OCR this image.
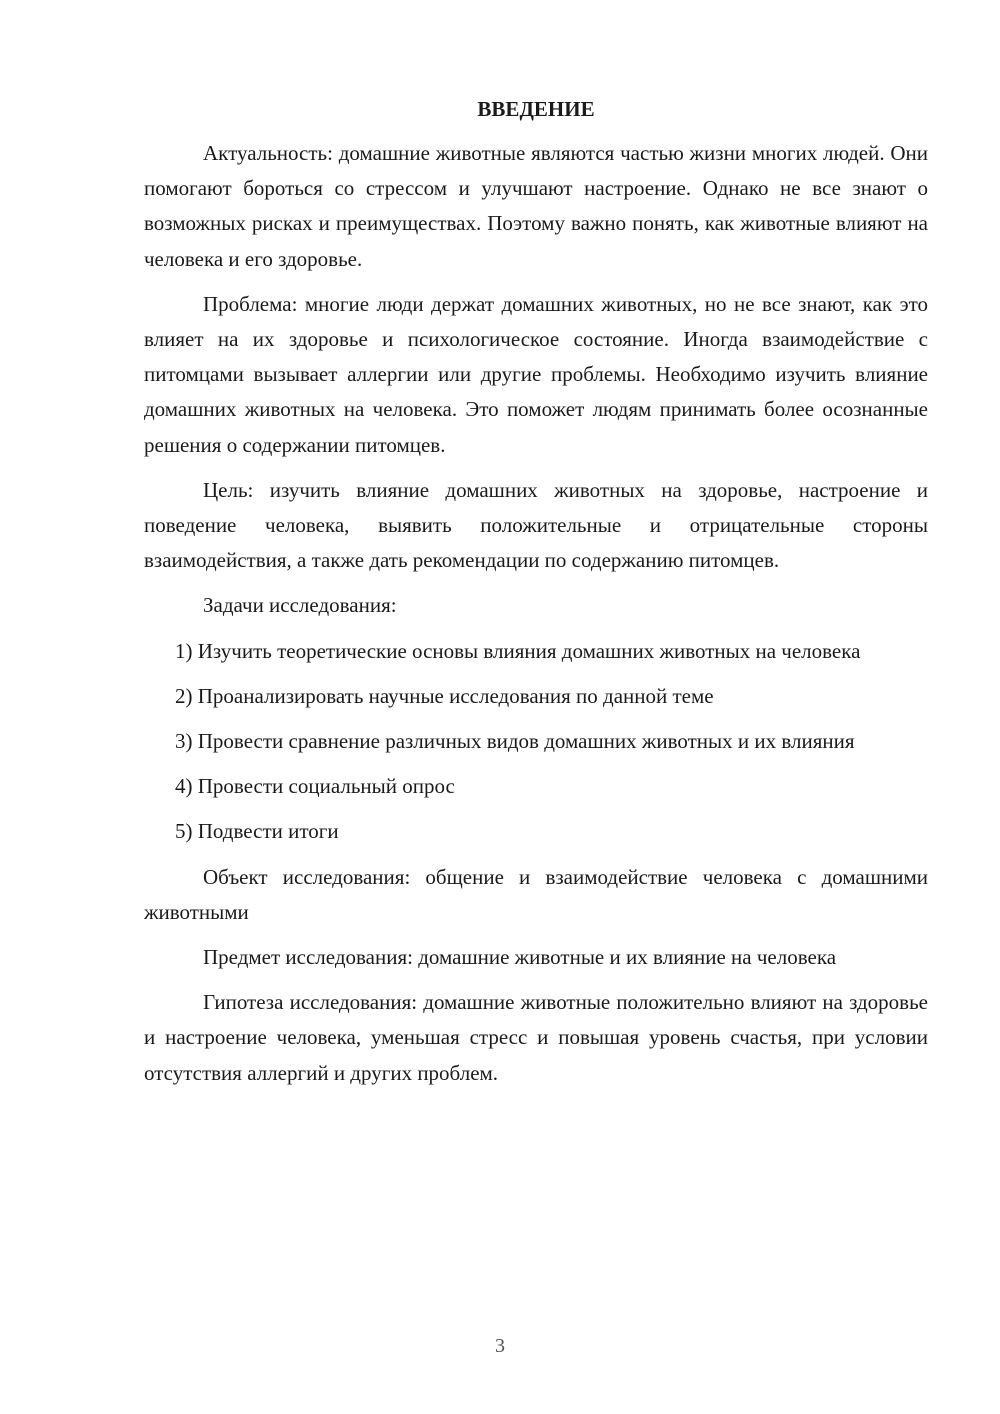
ВВЕДЕНИЕ

Актуальность: домашние животные являются частью жизни многих людей. Они помогают бороться со стрессом и улучшают настроение. Однако не все знают о возможных рисках и преимуществах. Поэтому важно понять, как животные влияют на человека и его здоровье.

Проблема: многие люди держат домашних животных, но не все знают, как это влияет на их здоровье и психологическое состояние. Иногда взаимодействие с питомцами вызывает аллергии или другие проблемы. Необходимо изучить влияние домашних животных на человека. Это поможет людям принимать более осознанные решения о содержании питомцев.

Цель: изучить влияние домашних животных на здоровье, настроение и поведение человека, выявить положительные и отрицательные стороны взаимодействия, а также дать рекомендации по содержанию питомцев.

Задачи исследования:

1) Изучить теоретические основы влияния домашних животных на человека

2) Проанализировать научные исследования по данной теме

3) Провести сравнение различных видов домашних животных и их влияния

4) Провести социальный опрос

5) Подвести итоги

Объект исследования: общение и взаимодействие человека с домашними животными

Предмет исследования: домашние животные и их влияние на человека

Гипотеза исследования: домашние животные положительно влияют на здоровье и настроение человека, уменьшая стресс и повышая уровень счастья, при условии отсутствия аллергий и других проблем.

3
